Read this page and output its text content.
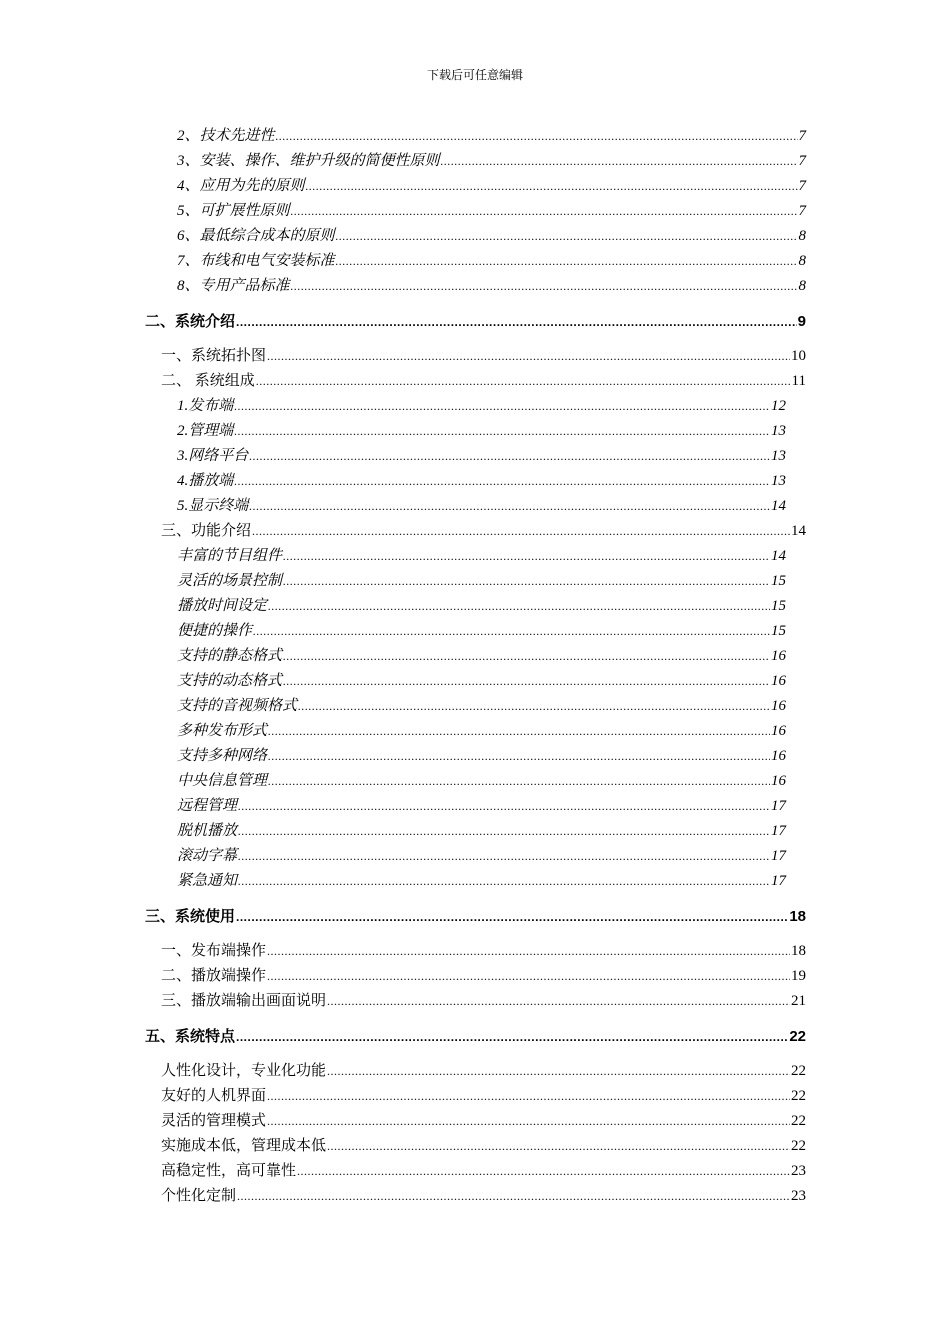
下载后可任意编辑
2、技术先进性 .....	7
3、安装、操作、维护升级的简便性原则 .....	7
4、应用为先的原则 .....	7
5、可扩展性原则 .....	7
6、最低综合成本的原则 .....	8
7、布线和电气安装标准 .....	8
8、专用产品标准 .....	8
二、系统介绍 .....	9
一、系统拓扑图 .....	10
二、 系统组成 .....	11
1.发布端 .....	12
2.管理端 .....	13
3.网络平台 .....	13
4.播放端 .....	13
5.显示终端 .....	14
三、功能介绍 .....	14
丰富的节目组件 .....	14
灵活的场景控制 .....	15
播放时间设定 .....	15
便捷的操作 .....	15
支持的静态格式 .....	16
支持的动态格式 .....	16
支持的音视频格式 .....	16
多种发布形式 .....	16
支持多种网络 .....	16
中央信息管理 .....	16
远程管理 .....	17
脱机播放 .....	17
滚动字幕 .....	17
紧急通知 .....	17
三、系统使用 .....	18
一、发布端操作 .....	18
二、播放端操作 .....	19
三、播放端输出画面说明 .....	21
五、系统特点 .....	22
人性化设计，专业化功能 .....	22
友好的人机界面 .....	22
灵活的管理模式 .....	22
实施成本低，管理成本低 .....	22
高稳定性，高可靠性 .....	23
个性化定制 .....	23
